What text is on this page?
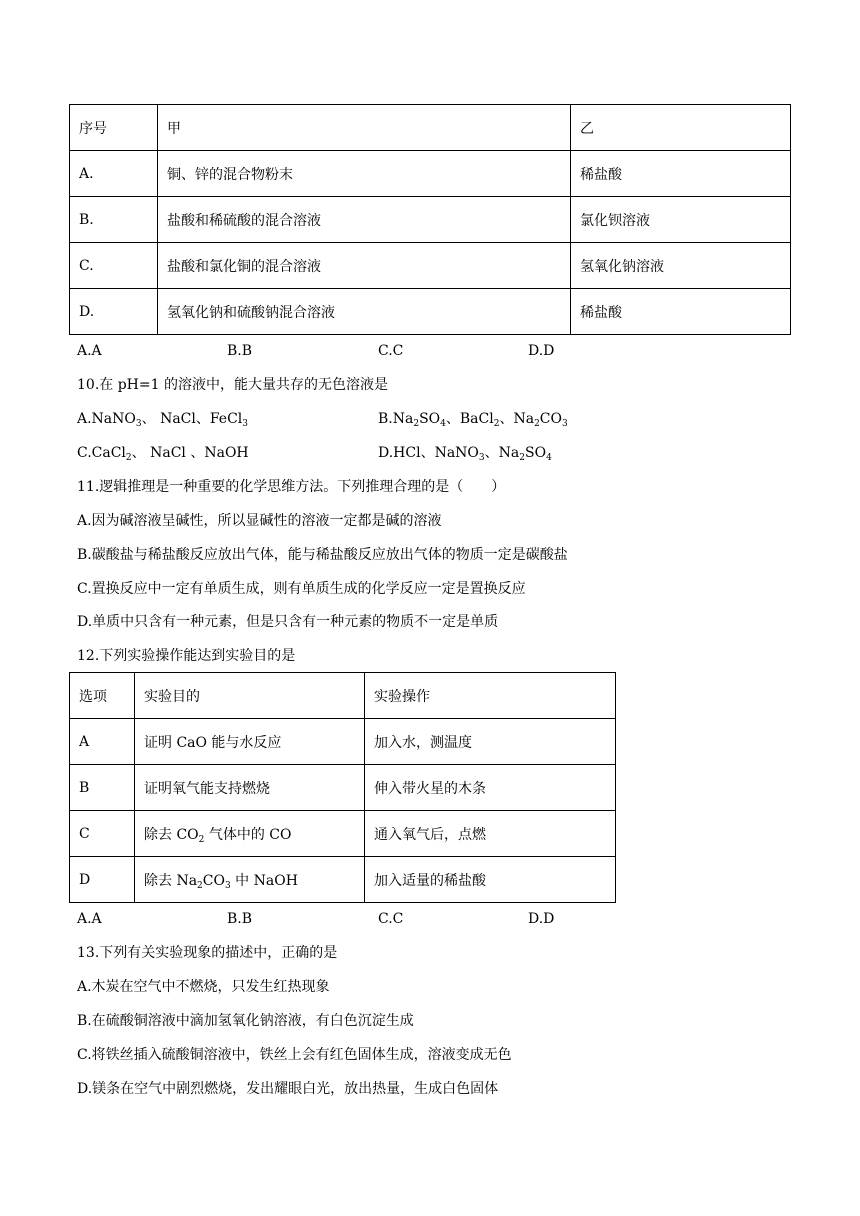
序号	甲	乙
A.	铜、锌的混合物粉末	稀盐酸
B.	盐酸和稀硫酸的混合溶液	氯化钡溶液
C.	盐酸和氯化铜的混合溶液	氢氧化钠溶液
D.	氢氧化钠和硫酸钠混合溶液	稀盐酸
A.A	B.B	C.C	D.D
10.在 pH=1 的溶液中，能大量共存的无色溶液是
A.NaNO$_3$、 NaCl、FeCl$_3$	$B.Na_2SO_4$、BaCl$_2$、$Na_2CO_3$
C.CaCl$_2$、 NaCl 、NaOH	D.HCl、NaNO$_3$、$Na_2SO_4$
11.逻辑推理是一种重要的化学思维方法。下列推理合理的是（　　）
A.因为碱溶液呈碱性，所以显碱性的溶液一定都是碱的溶液
B.碳酸盐与稀盐酸反应放出气体，能与稀盐酸反应放出气体的物质一定是碳酸盐
C.置换反应中一定有单质生成，则有单质生成的化学反应一定是置换反应
D.单质中只含有一种元素，但是只含有一种元素的物质不一定是单质
12.下列实验操作能达到实验目的是
选项	实验目的	实验操作
A	证明 CaO 能与水反应	加入水，测温度
B	证明氧气能支持燃烧	伸入带火星的木条
C	除去 $CO_2$ 气体中的 CO	通入氧气后，点燃
D	除去 $Na_2CO_3$ 中 NaOH	加入适量的稀盐酸
A.A	B.B	C.C	D.D
13.下列有关实验现象的描述中，正确的是
A.木炭在空气中不燃烧，只发生红热现象
B.在硫酸铜溶液中滴加氢氧化钠溶液，有白色沉淀生成
C.将铁丝插入硫酸铜溶液中，铁丝上会有红色固体生成，溶液变成无色
D.镁条在空气中剧烈燃烧，发出耀眼白光，放出热量，生成白色固体
